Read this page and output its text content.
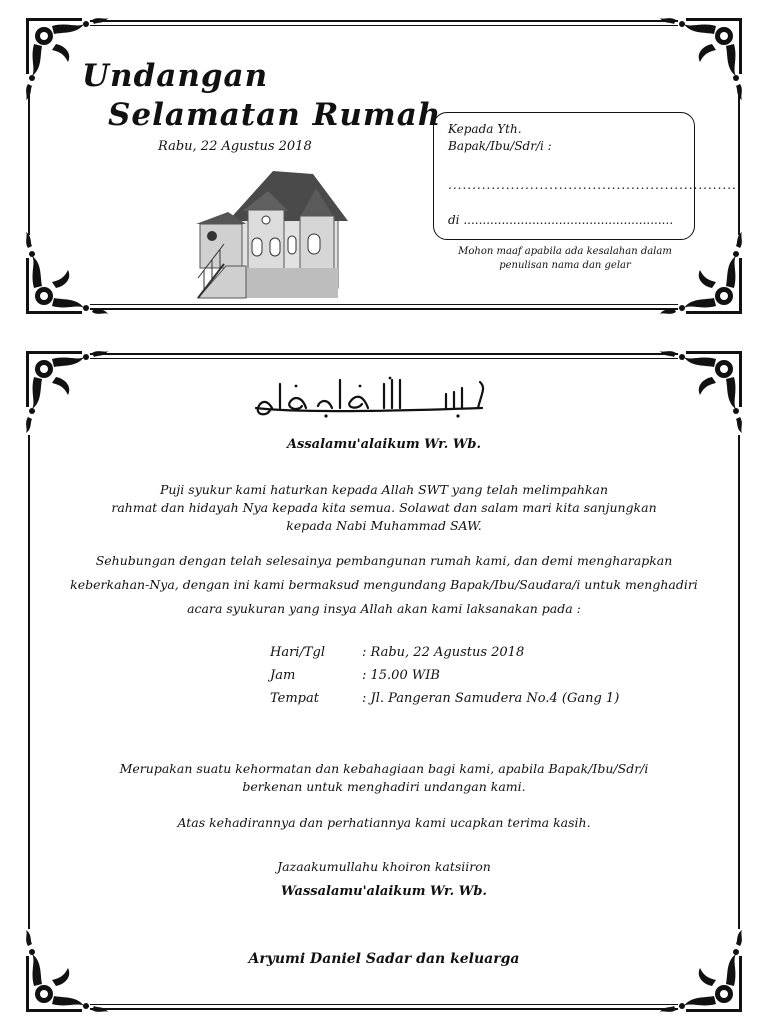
Undangan
Selamatan Rumah
Rabu, 22 Agustus 2018
Kepada Yth.
Bapak/Ibu/Sdr/i :
............................................................
di .......................................................
Mohon maaf apabila ada kesalahan dalam penulisan nama dan gelar
Assalamu'alaikum Wr. Wb.
Puji syukur kami haturkan kepada Allah SWT yang telah melimpahkan
rahmat dan hidayah Nya kepada kita semua. Solawat dan salam mari kita sanjungkan
kepada Nabi Muhammad SAW.
Sehubungan dengan telah selesainya pembangunan rumah kami, dan demi mengharapkan
keberkahan-Nya, dengan ini kami bermaksud mengundang Bapak/Ibu/Saudara/i untuk menghadiri
acara syukuran yang insya Allah akan kami laksanakan pada :
Hari/Tgl	: Rabu, 22 Agustus 2018
Jam	: 15.00 WIB
Tempat	: Jl. Pangeran Samudera No.4 (Gang 1)
Merupakan suatu kehormatan dan kebahagiaan bagi kami, apabila Bapak/Ibu/Sdr/i
berkenan untuk menghadiri undangan kami.
Atas kehadirannya dan perhatiannya kami ucapkan terima kasih.
Jazaakumullahu khoiron katsiiron
Wassalamu'alaikum Wr. Wb.
Aryumi Daniel Sadar dan keluarga
